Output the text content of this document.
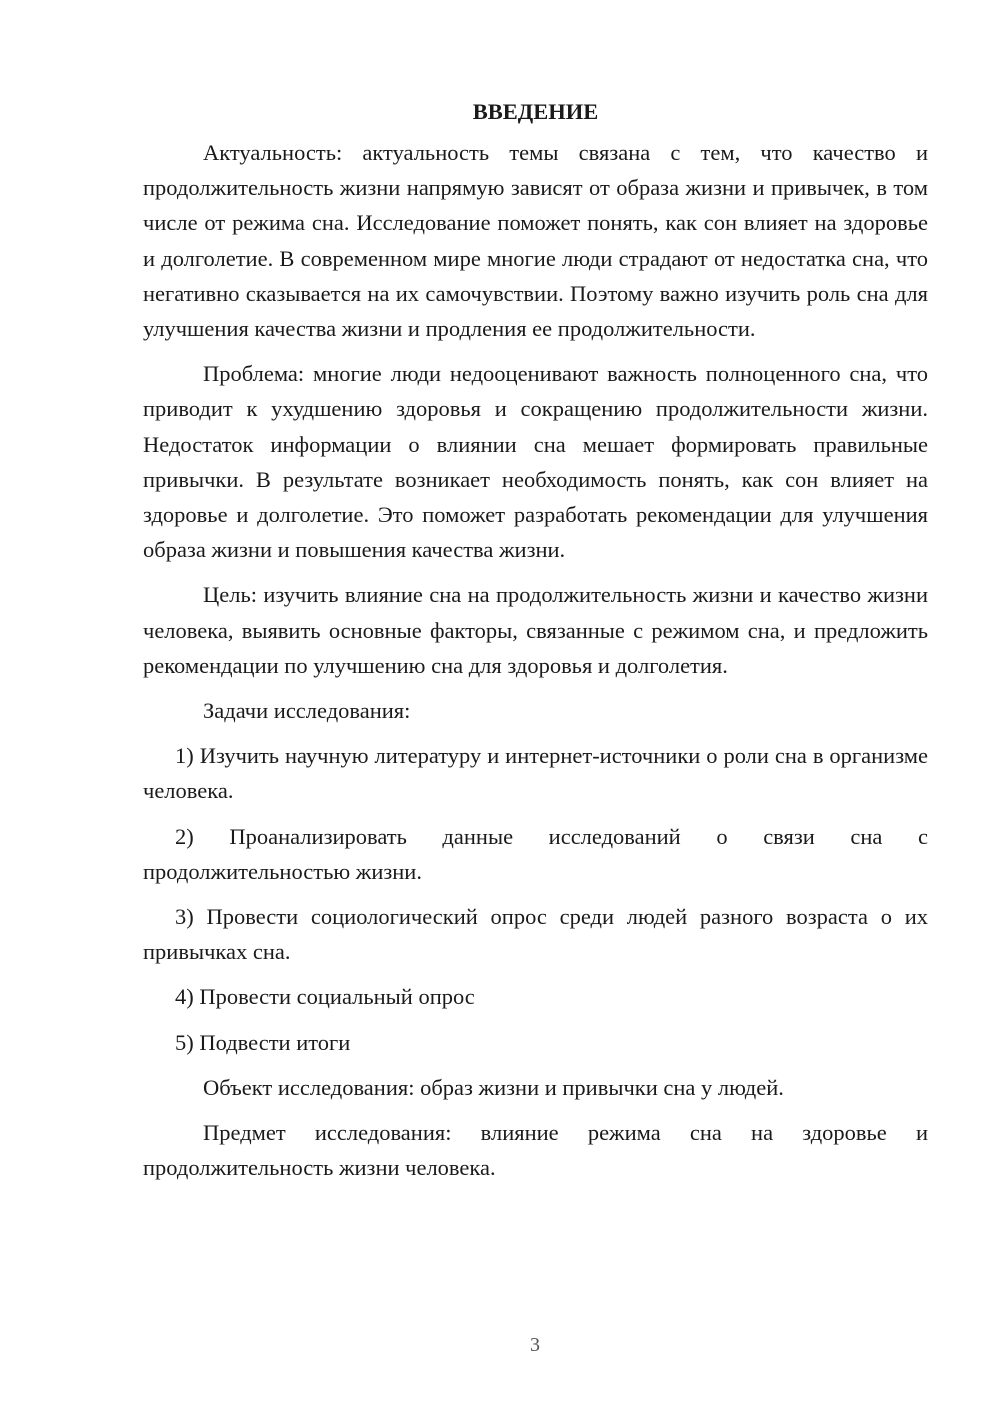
ВВЕДЕНИЕ

Актуальность: актуальность темы связана с тем, что качество и продолжительность жизни напрямую зависят от образа жизни и привычек, в том числе от режима сна. Исследование поможет понять, как сон влияет на здоровье и долголетие. В современном мире многие люди страдают от недостатка сна, что негативно сказывается на их самочувствии. Поэтому важно изучить роль сна для улучшения качества жизни и продления ее продолжительности.

Проблема: многие люди недооценивают важность полноценного сна, что приводит к ухудшению здоровья и сокращению продолжительности жизни. Недостаток информации о влиянии сна мешает формировать правильные привычки. В результате возникает необходимость понять, как сон влияет на здоровье и долголетие. Это поможет разработать рекомендации для улучшения образа жизни и повышения качества жизни.

Цель: изучить влияние сна на продолжительность жизни и качество жизни человека, выявить основные факторы, связанные с режимом сна, и предложить рекомендации по улучшению сна для здоровья и долголетия.

Задачи исследования:

1) Изучить научную литературу и интернет-источники о роли сна в организме человека.

2) Проанализировать данные исследований о связи сна с продолжительностью жизни.

3) Провести социологический опрос среди людей разного возраста о их привычках сна.

4) Провести социальный опрос

5) Подвести итоги

Объект исследования: образ жизни и привычки сна у людей.

Предмет исследования: влияние режима сна на здоровье и продолжительность жизни человека.

3
